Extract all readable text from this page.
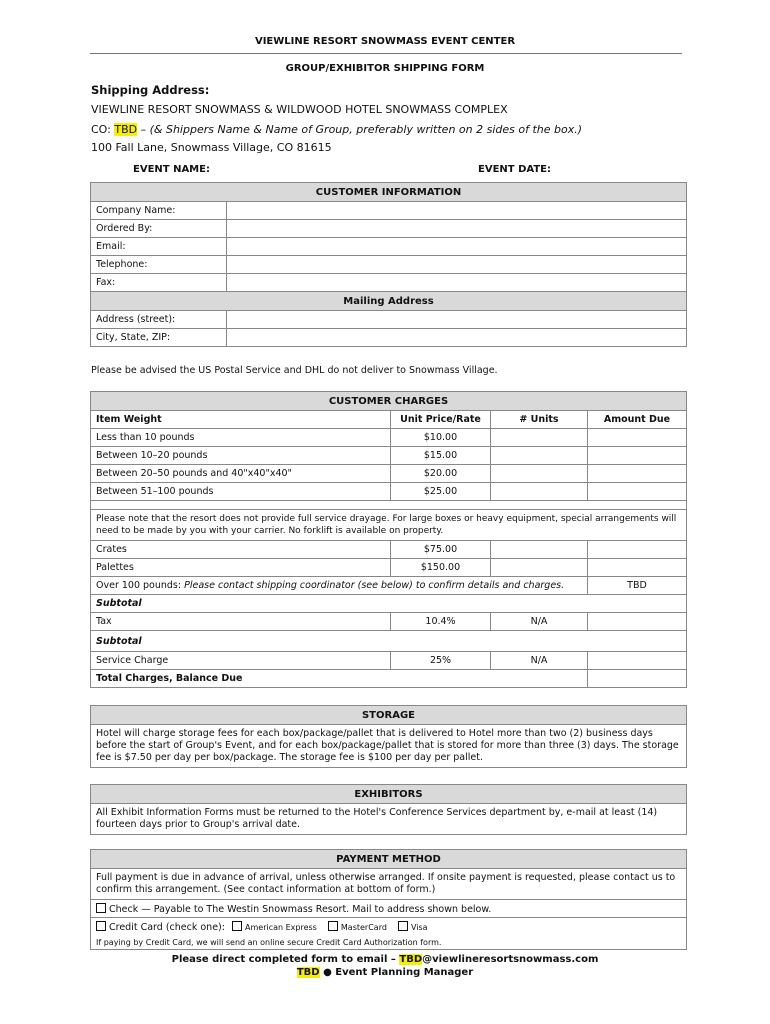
VIEWLINE RESORT SNOWMASS EVENT CENTER
GROUP/EXHIBITOR SHIPPING FORM
Shipping Address:
VIEWLINE RESORT SNOWMASS & WILDWOOD HOTEL SNOWMASS COMPLEX
CO: TBD – (& Shippers Name & Name of Group, preferably written on 2 sides of the box.)
100 Fall Lane, Snowmass Village, CO 81615
EVENT NAME:	EVENT DATE:
CUSTOMER INFORMATION	
Company Name:	
Ordered By:	
Email:	
Telephone:	
Fax:	
Mailing Address	
Address (street):	
City, State, ZIP:	
Please be advised the US Postal Service and DHL do not deliver to Snowmass Village.
CUSTOMER CHARGES			
Item Weight	Unit Price/Rate	# Units	Amount Due
Less than 10 pounds	$10.00		
Between 10–20 pounds	$15.00		
Between 20–50 pounds and 40"x40"x40"	$20.00		
Between 51–100 pounds	$25.00		

Please note that the resort does not provide full service drayage. For large boxes or heavy equipment, special arrangements will need to be made by you with your carrier. No forklift is available on property.			
Crates	$75.00		
Palettes	$150.00		
Over 100 pounds: Please contact shipping coordinator (see below) to confirm details and charges.			TBD
Subtotal			
Tax	10.4%	N/A	
Subtotal			
Service Charge	25%	N/A	
Total Charges, Balance Due			
STORAGE
Hotel will charge storage fees for each box/package/pallet that is delivered to Hotel more than two (2) business days before the start of Group's Event, and for each box/package/pallet that is stored for more than three (3) days. The storage fee is $7.50 per day per box/package. The storage fee is $100 per day per pallet.
EXHIBITORS
All Exhibit Information Forms must be returned to the Hotel's Conference Services department by, e-mail at least (14) fourteen days prior to Group's arrival date.
PAYMENT METHOD
Full payment is due in advance of arrival, unless otherwise arranged. If onsite payment is requested, please contact us to confirm this arrangement. (See contact information at bottom of form.)
Check — Payable to The Westin Snowmass Resort. Mail to address shown below.
Credit Card (check one):	American Express	MasterCard	Visa
If paying by Credit Card, we will send an online secure Credit Card Authorization form.
Please direct completed form to email – TBD@viewlineresortsnowmass.com
TBD ● Event Planning Manager
